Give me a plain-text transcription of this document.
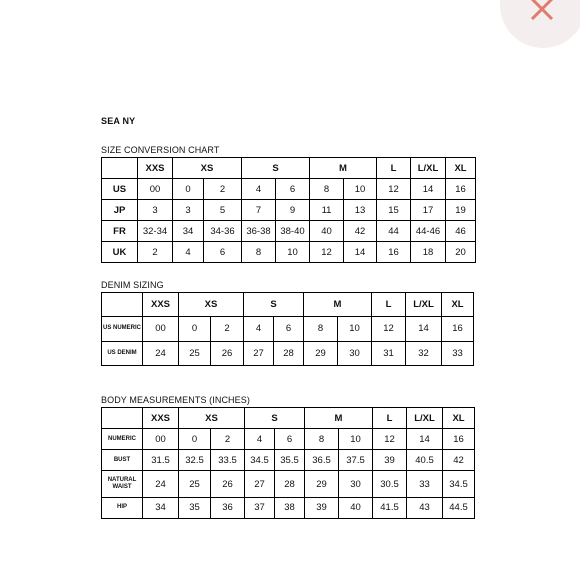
SEA NY
SIZE CONVERSION CHART
	XXS	XS		S		M		L	L/XL	XL
US	00	0	2	4	6	8	10	12	14	16
JP	3	3	5	7	9	11	13	15	17	19
FR	32-34	34	34-36	36-38	38-40	40	42	44	44-46	46
UK	2	4	6	8	10	12	14	16	18	20
DENIM SIZING
	XXS	XS		S		M		L	L/XL	XL
US NUMERIC	00	0	2	4	6	8	10	12	14	16
US DENIM	24	25	26	27	28	29	30	31	32	33
BODY MEASUREMENTS (INCHES)
	XXS	XS		S		M		L	L/XL	XL
NUMERIC	00	0	2	4	6	8	10	12	14	16
BUST	31.5	32.5	33.5	34.5	35.5	36.5	37.5	39	40.5	42
NATURAL WAIST	24	25	26	27	28	29	30	30.5	33	34.5
HIP	34	35	36	37	38	39	40	41.5	43	44.5
